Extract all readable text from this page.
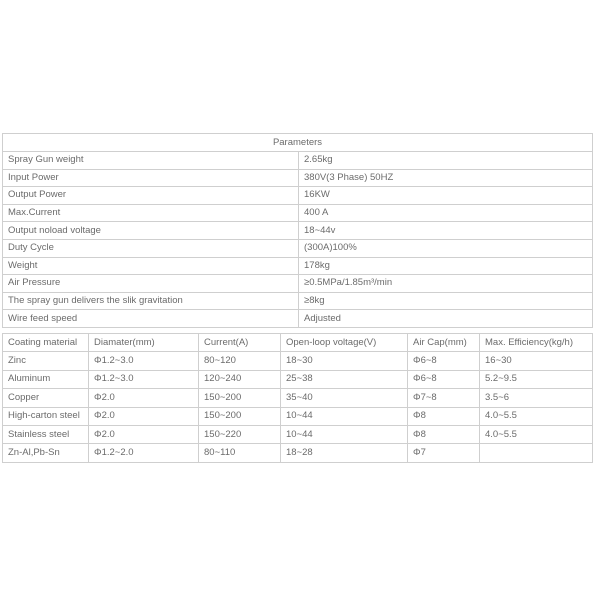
Parameters	
Spray Gun weight	2.65kg
Input Power	380V(3 Phase) 50HZ
Output Power	16KW
Max.Current	400 A
Output noload voltage	18~44v
Duty Cycle	(300A)100%
Weight	178kg
Air Pressure	≥0.5MPa/1.85m³/min
The spray gun delivers the slik gravitation	≥8kg
Wire feed speed	Adjusted
Coating material	Diamater(mm)	Current(A)	Open-loop voltage(V)	Air Cap(mm)	Max. Efficiency(kg/h)
Zinc	Φ1.2~3.0	80~120	18~30	Φ6~8	16~30
Aluminum	Φ1.2~3.0	120~240	25~38	Φ6~8	5.2~9.5
Copper	Φ2.0	150~200	35~40	Φ7~8	3.5~6
High-carton steel	Φ2.0	150~200	10~44	Φ8	4.0~5.5
Stainless steel	Φ2.0	150~220	10~44	Φ8	4.0~5.5
Zn-Al,Pb-Sn	Φ1.2~2.0	80~110	18~28	Φ7	
